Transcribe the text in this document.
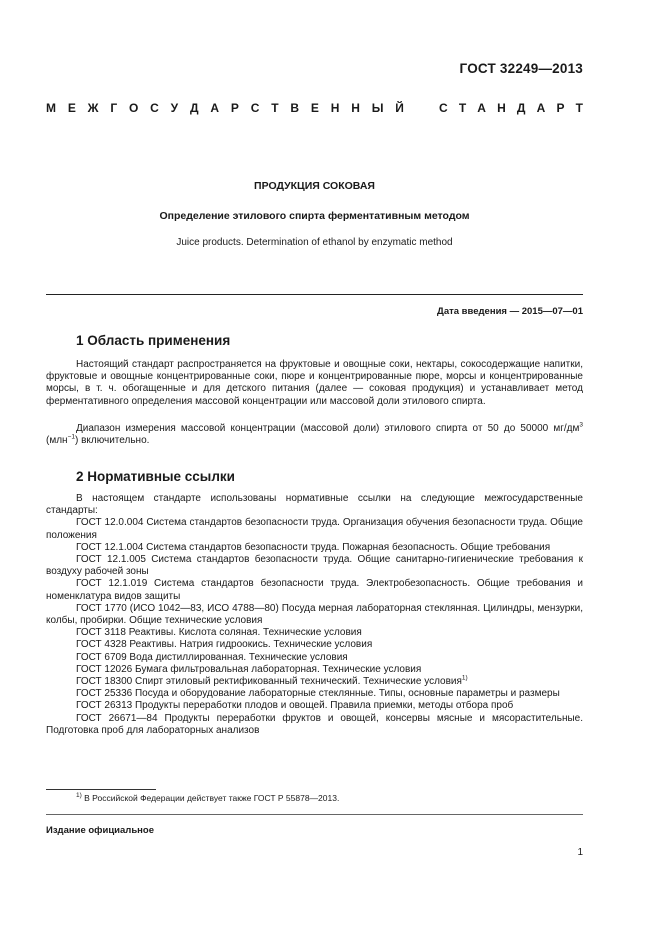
ГОСТ 32249—2013
М Е Ж Г О С У Д А Р С Т В Е Н Н Ы Й	С Т А Н Д А Р Т
ПРОДУКЦИЯ СОКОВАЯ
Определение этилового спирта ферментативным методом
Juice products. Determination of ethanol by enzymatic method
Дата введения — 2015—07—01
1 Область применения
Настоящий стандарт распространяется на фруктовые и овощные соки, нектары, сокосодержащие напитки, фруктовые и овощные концентрированные соки, пюре и концентрированные пюре, морсы и концентрированные морсы, в т. ч. обогащенные и для детского питания (далее — соковая продукция) и устанавливает метод ферментативного определения массовой концентрации или массовой доли этилового спирта.
Диапазон измерения массовой концентрации (массовой доли) этилового спирта от 50 до 50000 $мг/дм^3$ (млн$^{-1}$) включительно.
2 Нормативные ссылки
В настоящем стандарте использованы нормативные ссылки на следующие межгосударственные стандарты:
ГОСТ 12.0.004 Система стандартов безопасности труда. Организация обучения безопасности труда. Общие положения
ГОСТ 12.1.004 Система стандартов безопасности труда. Пожарная безопасность. Общие требования
ГОСТ 12.1.005 Система стандартов безопасности труда. Общие санитарно-гигиенические требования к воздуху рабочей зоны
ГОСТ 12.1.019 Система стандартов безопасности труда. Электробезопасность. Общие требования и номенклатура видов защиты
ГОСТ 1770 (ИСО 1042—83, ИСО 4788—80) Посуда мерная лабораторная стеклянная. Цилиндры, мензурки, колбы, пробирки. Общие технические условия
ГОСТ 3118 Реактивы. Кислота соляная. Технические условия
ГОСТ 4328 Реактивы. Натрия гидроокись. Технические условия
ГОСТ 6709 Вода дистиллированная. Технические условия
ГОСТ 12026 Бумага фильтровальная лабораторная. Технические условия
ГОСТ 18300 Спирт этиловый ректификованный технический. Технические условия$^{1)}$
ГОСТ 25336 Посуда и оборудование лабораторные стеклянные. Типы, основные параметры и размеры
ГОСТ 26313 Продукты переработки плодов и овощей. Правила приемки, методы отбора проб
ГОСТ 26671—84 Продукты переработки фруктов и овощей, консервы мясные и мясорастительные. Подготовка проб для лабораторных анализов
$^{1)}$ В Российской Федерации действует также ГОСТ Р 55878—2013.
Издание официальное
1
